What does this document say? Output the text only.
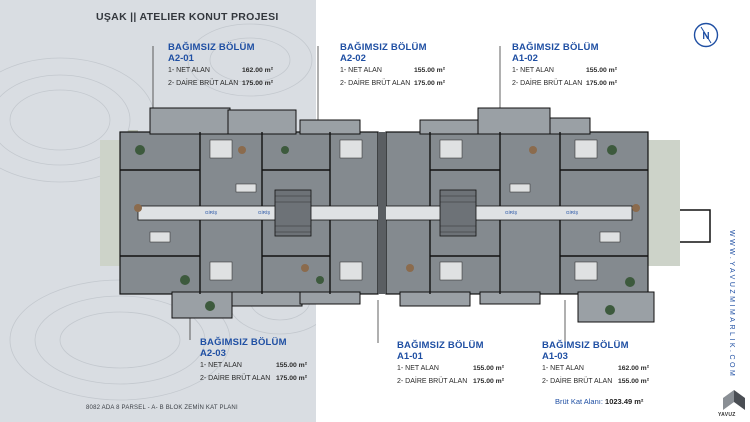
UŞAK || ATELIER KONUT PROJESI
N
GİRİŞ	GİRİŞ	GİRİŞ	GİRİŞ
BAĞIMSIZ BÖLÜM
A2-01
1- NET ALAN	162.00 m²
2- DAİRE BRÜT ALAN 175.00 m²
BAĞIMSIZ BÖLÜM
A2-02
1- NET ALAN	155.00 m²
2- DAİRE BRÜT ALAN 175.00 m²
BAĞIMSIZ BÖLÜM
A1-02
1- NET ALAN	155.00 m²
2- DAİRE BRÜT ALAN 175.00 m²
BAĞIMSIZ BÖLÜM
A2-03
1- NET ALAN	155.00 m²
2- DAİRE BRÜT ALAN 175.00 m²
BAĞIMSIZ BÖLÜM
A1-01
1- NET ALAN	155.00 m²
2- DAİRE BRÜT ALAN 175.00 m²
BAĞIMSIZ BÖLÜM
A1-03
1- NET ALAN	162.00 m²
2- DAİRE BRÜT ALAN 155.00 m²
Brüt Kat Alanı: 1023.49 m²
8082 ADA 8 PARSEL - A- B BLOK ZEMİN KAT PLANI
WWW.YAVUZMIMARLIK.COM
YAVUZ
